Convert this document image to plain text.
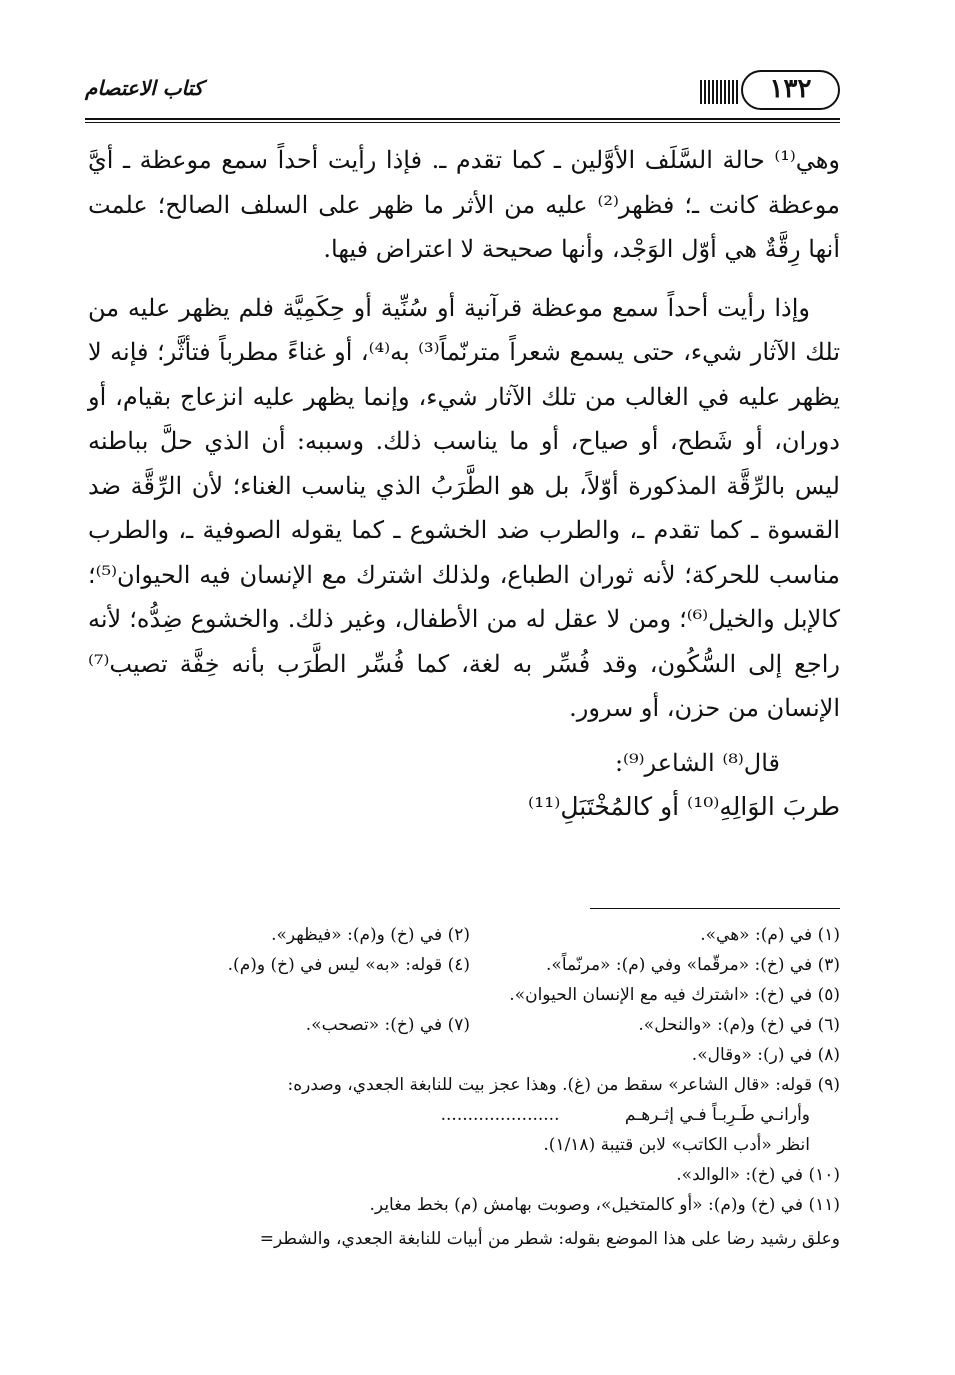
١٣٢
كتاب الاعتصام

وهي⁽¹⁾ حالة السَّلَف الأوَّلين ـ كما تقدم ـ. فإذا رأيت أحداً سمع موعظة ـ أيَّ موعظة كانت ـ؛ فظهر⁽²⁾ عليه من الأثر ما ظهر على السلف الصالح؛ علمت أنها رِقَّةٌ هي أوّل الوَجْد، وأنها صحيحة لا اعتراض فيها.

وإذا رأيت أحداً سمع موعظة قرآنية أو سُنِّية أو حِكَمِيَّة فلم يظهر عليه من تلك الآثار شيء، حتى يسمع شعراً مترنّماً⁽³⁾ به⁽⁴⁾، أو غناءً مطرباً فتأثَّر؛ فإنه لا يظهر عليه في الغالب من تلك الآثار شيء، وإنما يظهر عليه انزعاج بقيام، أو دوران، أو شَطح، أو صياح، أو ما يناسب ذلك. وسببه: أن الذي حلَّ بباطنه ليس بالرِّقَّة المذكورة أوّلاً، بل هو الطَّرَبُ الذي يناسب الغناء؛ لأن الرِّقَّة ضد القسوة ـ كما تقدم ـ، والطرب ضد الخشوع ـ كما يقوله الصوفية ـ، والطرب مناسب للحركة؛ لأنه ثوران الطباع، ولذلك اشترك مع الإنسان فيه الحيوان⁽⁵⁾؛ كالإبل والخيل⁽⁶⁾؛ ومن لا عقل له من الأطفال، وغير ذلك. والخشوع ضِدُّه؛ لأنه راجع إلى السُّكُون، وقد فُسِّر به لغة، كما فُسِّر الطَّرَب بأنه خِفَّة تصيب⁽⁷⁾ الإنسان من حزن، أو سرور.

قال⁽⁸⁾ الشاعر⁽⁹⁾:

طربَ الوَالِهِ⁽¹⁰⁾ أو كالمُخْتَبَلِ⁽¹¹⁾

(١) في (م): «هي».
(٢) في (خ) و(م): «فيظهر».
(٣) في (خ): «مرقّما» وفي (م): «مرنّماً».
(٤) قوله: «به» ليس في (خ) و(م).
(٥) في (خ): «اشترك فيه مع الإنسان الحيوان».
(٦) في (خ) و(م): «والنحل».
(٧) في (خ): «تصحب».
(٨) في (ر): «وقال».
(٩) قوله: «قال الشاعر» سقط من (غ). وهذا عجز بيت للنابغة الجعدي، وصدره:
وأرانـي طَـرِبـاً فـي إثـرهـم ......................
انظر «أدب الكاتب» لابن قتيبة (١/١٨).
(١٠) في (خ): «الوالد».
(١١) في (خ) و(م): «أو كالمتخيل»، وصوبت بهامش (م) بخط مغاير.
وعلق رشيد رضا على هذا الموضع بقوله: شطر من أبيات للنابغة الجعدي، والشطر=
